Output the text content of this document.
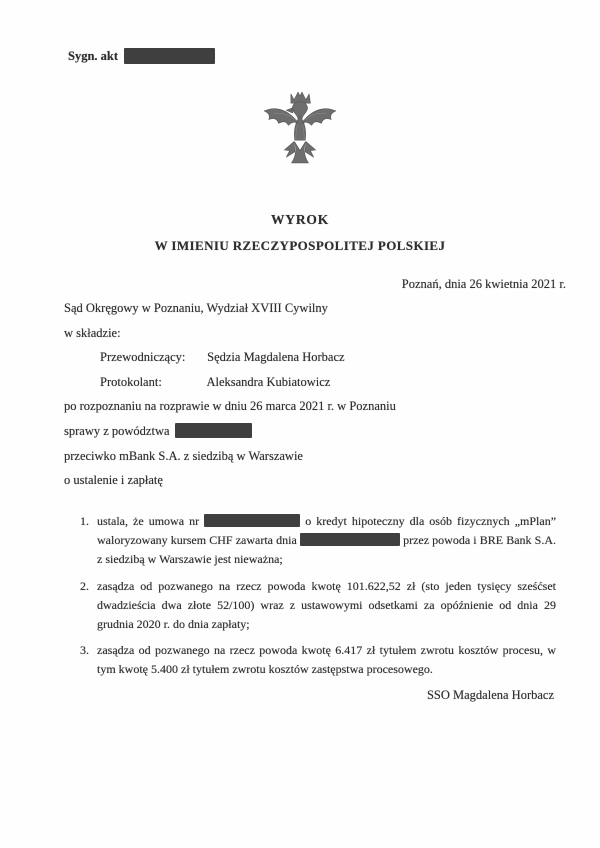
Sygn. akt
WYROK
W IMIENIU RZECZYPOSPOLITEJ POLSKIEJ
Poznań, dnia 26 kwietnia 2021 r.

Sąd Okręgowy w Poznaniu, Wydział XVIII Cywilny

w składzie:

Przewodniczący: Sędzia Magdalena Horbacz

Protokolant:	Aleksandra Kubiatowicz

po rozpoznaniu na rozprawie w dniu 26 marca 2021 r. w Poznaniu

sprawy z powództwa

przeciwko mBank S.A. z siedzibą w Warszawie

o ustalenie i zapłatę

1. ustala, że umowa nr	o kredyt hipoteczny dla osób fizycznych „mPlan” waloryzowany kursem CHF zawarta dnia	przez powoda i BRE Bank S.A. z siedzibą w Warszawie jest nieważna;
2. zasądza od pozwanego na rzecz powoda kwotę 101.622,52 zł (sto jeden tysięcy sześćset dwadzieścia dwa złote 52/100) wraz z ustawowymi odsetkami za opóźnienie od dnia 29 grudnia 2020 r. do dnia zapłaty;
3. zasądza od pozwanego na rzecz powoda kwotę 6.417 zł tytułem zwrotu kosztów procesu, w tym kwotę 5.400 zł tytułem zwrotu kosztów zastępstwa procesowego.
SSO Magdalena Horbacz
